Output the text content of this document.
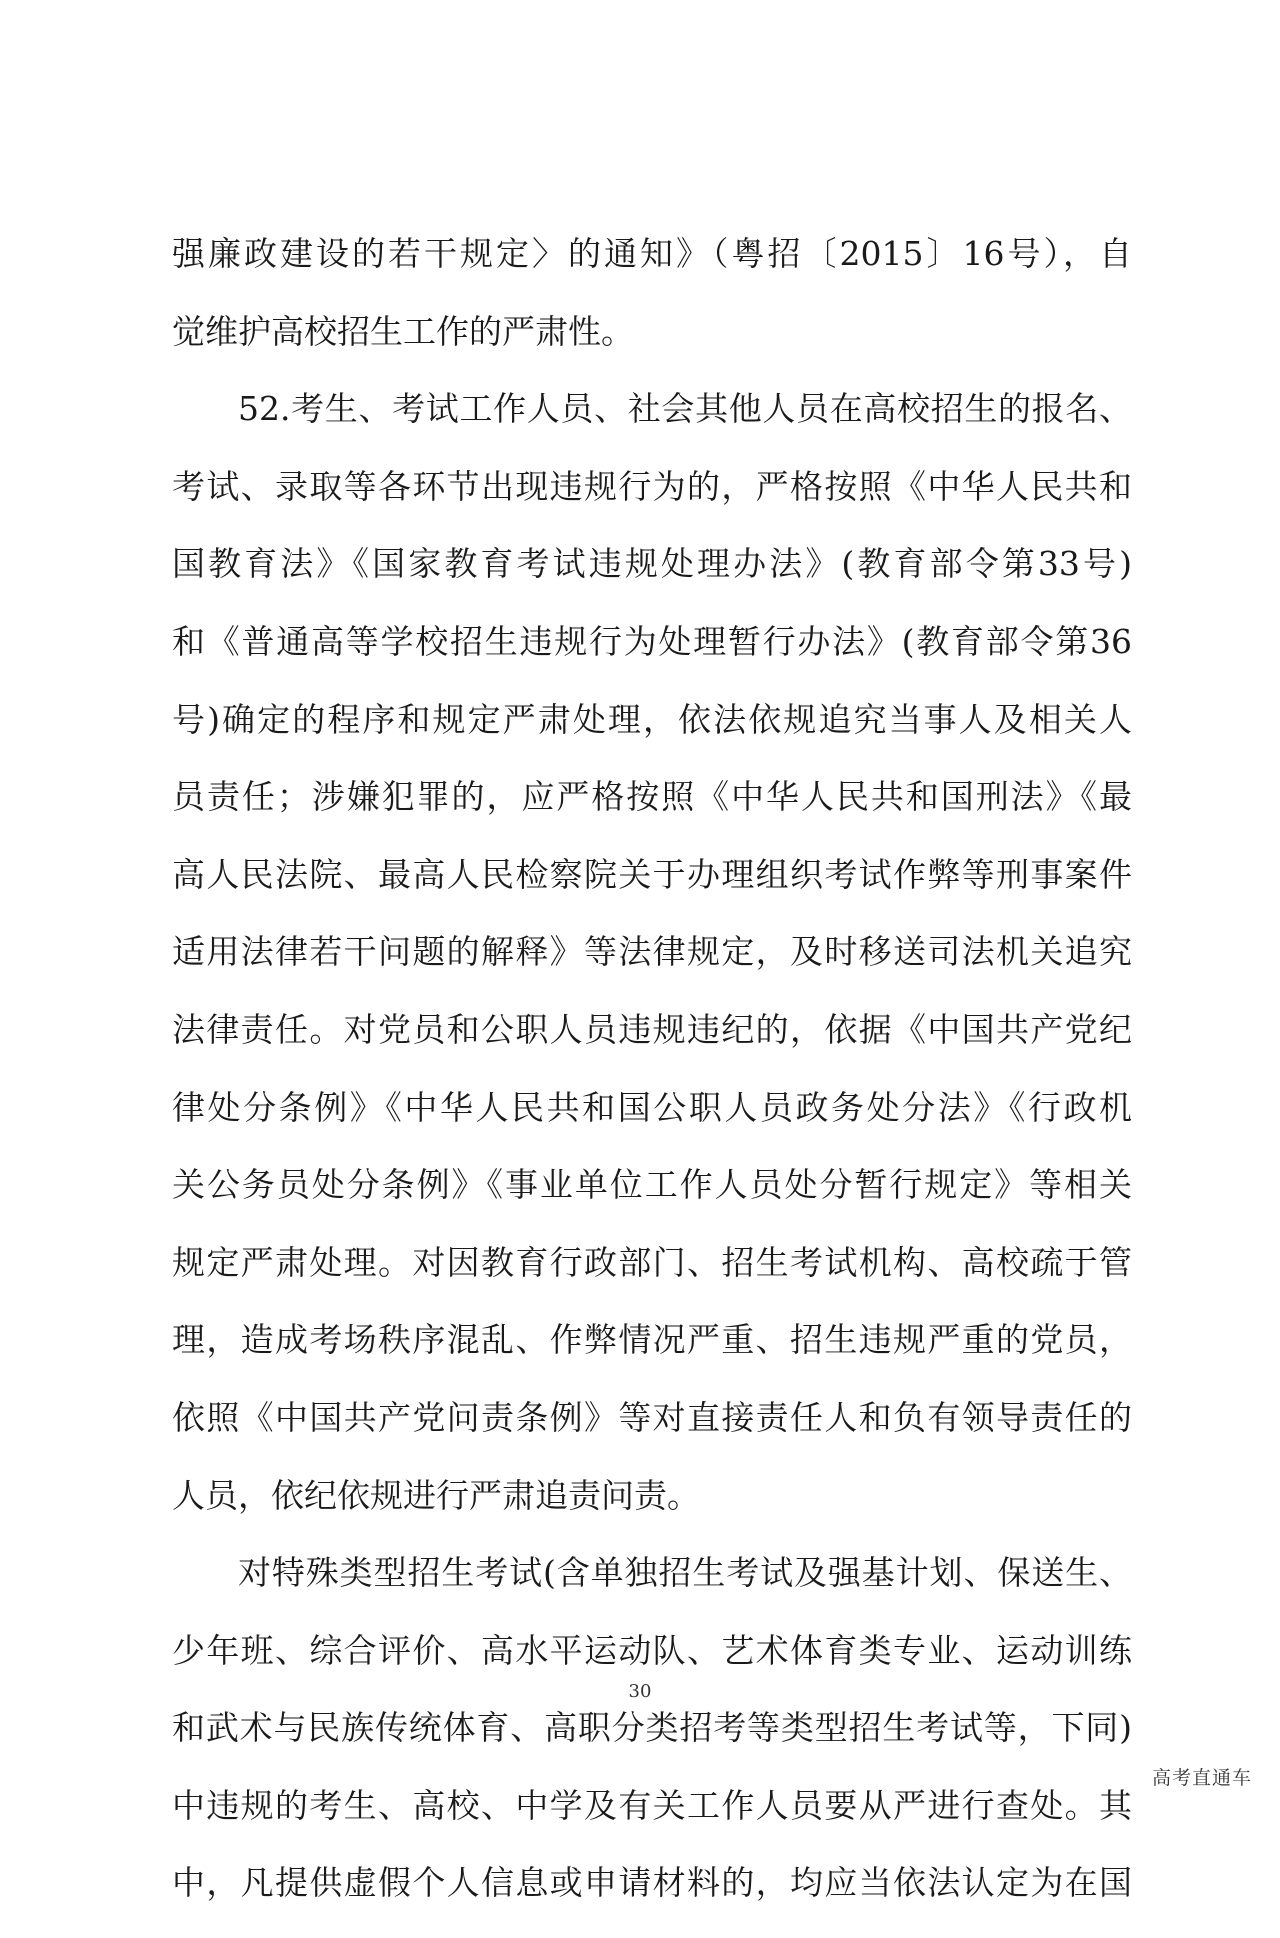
强廉政建设的若干规定〉的通知》（粤招〔2015〕16号），自
觉维护高校招生工作的严肃性。
52.考生、考试工作人员、社会其他人员在高校招生的报名、
考试、录取等各环节出现违规行为的，严格按照《中华人民共和
国教育法》《国家教育考试违规处理办法》(教育部令第33号)
和《普通高等学校招生违规行为处理暂行办法》(教育部令第36
号)确定的程序和规定严肃处理，依法依规追究当事人及相关人
员责任；涉嫌犯罪的，应严格按照《中华人民共和国刑法》《最
高人民法院、最高人民检察院关于办理组织考试作弊等刑事案件
适用法律若干问题的解释》等法律规定，及时移送司法机关追究
法律责任。对党员和公职人员违规违纪的，依据《中国共产党纪
律处分条例》《中华人民共和国公职人员政务处分法》《行政机
关公务员处分条例》《事业单位工作人员处分暂行规定》等相关
规定严肃处理。对因教育行政部门、招生考试机构、高校疏于管
理，造成考场秩序混乱、作弊情况严重、招生违规严重的党员，
依照《中国共产党问责条例》等对直接责任人和负有领导责任的
人员，依纪依规进行严肃追责问责。
对特殊类型招生考试(含单独招生考试及强基计划、保送生、
少年班、综合评价、高水平运动队、艺术体育类专业、运动训练
和武术与民族传统体育、高职分类招考等类型招生考试等，下同)
中违规的考生、高校、中学及有关工作人员要从严进行查处。其
中，凡提供虚假个人信息或申请材料的，均应当依法认定为在国
30
高考直通车
